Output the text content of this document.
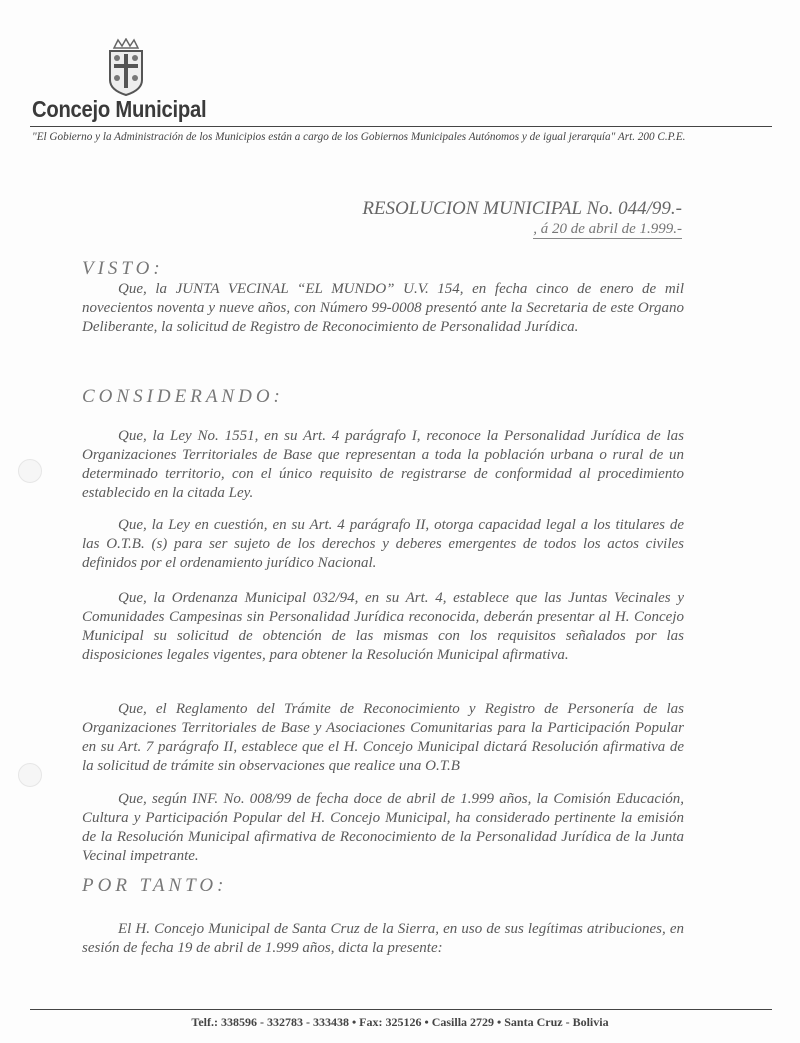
Concejo Municipal
"El Gobierno y la Administración de los Municipios están a cargo de los Gobiernos Municipales Autónomos y de igual jerarquía" Art. 200 C.P.E.
RESOLUCION MUNICIPAL No. 044/99.-
, á 20 de abril de 1.999.-
VISTO:

Que, la JUNTA VECINAL “EL MUNDO” U.V. 154, en fecha cinco de enero de mil novecientos noventa y nueve años, con Número 99-0008 presentó ante la Secretaria de este Organo Deliberante, la solicitud de Registro de Reconocimiento de Personalidad Jurídica.

CONSIDERANDO:

Que, la Ley No. 1551, en su Art. 4 parágrafo I, reconoce la Personalidad Jurídica de las Organizaciones Territoriales de Base que representan a toda la población urbana o rural de un determinado territorio, con el único requisito de registrarse de conformidad al procedimiento establecido en la citada Ley.

Que, la Ley en cuestión, en su Art. 4 parágrafo II, otorga capacidad legal a los titulares de las O.T.B. (s) para ser sujeto de los derechos y deberes emergentes de todos los actos civiles definidos por el ordenamiento jurídico Nacional.

Que, la Ordenanza Municipal 032/94, en su Art. 4, establece que las Juntas Vecinales y Comunidades Campesinas sin Personalidad Jurídica reconocida, deberán presentar al H. Concejo Municipal su solicitud de obtención de las mismas con los requisitos señalados por las disposiciones legales vigentes, para obtener la Resolución Municipal afirmativa.

Que, el Reglamento del Trámite de Reconocimiento y Registro de Personería de las Organizaciones Territoriales de Base y Asociaciones Comunitarias para la Participación Popular en su Art. 7 parágrafo II, establece que el H. Concejo Municipal dictará Resolución afirmativa de la solicitud de trámite sin observaciones que realice una O.T.B

Que, según INF. No. 008/99 de fecha doce de abril de 1.999 años, la Comisión Educación, Cultura y Participación Popular del H. Concejo Municipal, ha considerado pertinente la emisión de la Resolución Municipal afirmativa de Reconocimiento de la Personalidad Jurídica de la Junta Vecinal impetrante.

POR TANTO:

El H. Concejo Municipal de Santa Cruz de la Sierra, en uso de sus legítimas atribuciones, en sesión de fecha 19 de abril de 1.999 años, dicta la presente:

Telf.: 338596 - 332783 - 333438 • Fax: 325126 • Casilla 2729 • Santa Cruz - Bolivia
